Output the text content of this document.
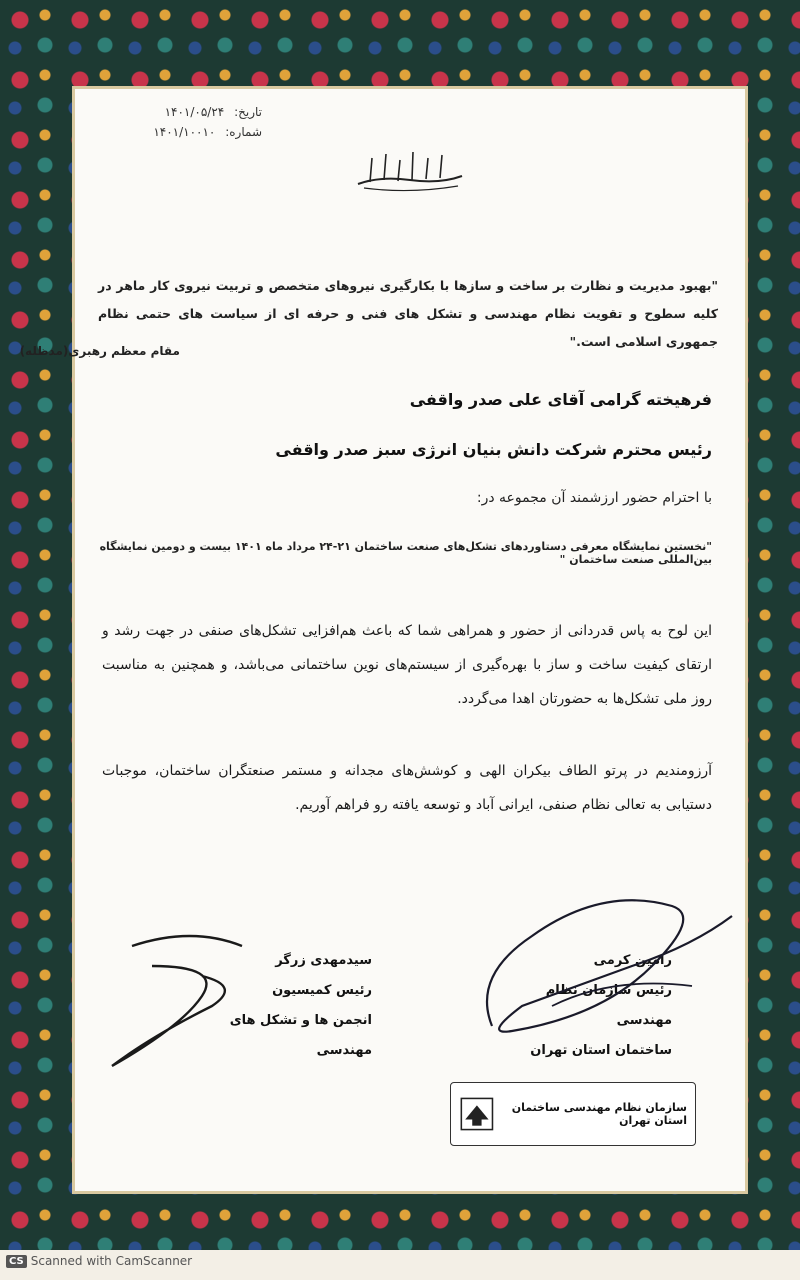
تاریخ: ۱۴۰۱/۰۵/۲۴
شماره: ۱۴۰۱/۱۰۰۱۰
"بهبود مدیریت و نظارت بر ساخت و سازها با بکارگیری نیروهای متخصص و تربیت نیروی کار ماهر در کلیه سطوح و تقویت نظام مهندسی و تشکل های فنی و حرفه ای از سیاست های حتمی نظام جمهوری اسلامی است."
مقام معظم رهبری(مدظله)
فرهیخته گرامی آقای علی صدر واقفی
رئیس محترم شرکت دانش بنیان انرژی سبز صدر واقفی
با احترام حضور ارزشمند آن مجموعه در:
"نخستین نمایشگاه معرفی دستاوردهای تشکل‌های صنعت ساختمان ۲۱-۲۴ مرداد ماه ۱۴۰۱ بیست و دومین نمایشگاه بین‌المللی صنعت ساختمان "
این لوح به پاس قدردانی از حضور و همراهی شما که باعث هم‌افزایی تشکل‌های صنفی در جهت رشد و ارتقای کیفیت ساخت و ساز با بهره‌گیری از سیستم‌های نوین ساختمانی می‌باشد، و همچنین به مناسبت روز ملی تشکل‌ها به حضورتان اهدا می‌گردد.
آرزومندیم در پرتو الطاف بیکران الهی و کوشش‌های مجدانه و مستمر صنعتگران ساختمان، موجبات دستیابی به تعالی نظام صنفی، ایرانی آباد و توسعه یافته رو فراهم آوریم.
رامین کرمی
رئیس سازمان نظام مهندسی
ساختمان استان تهران
سیدمهدی زرگر
رئیس کمیسیون
انجمن ها و تشکل های مهندسی
سازمان نظام مهندسی ساختمان استان تهران
CS Scanned with CamScanner
